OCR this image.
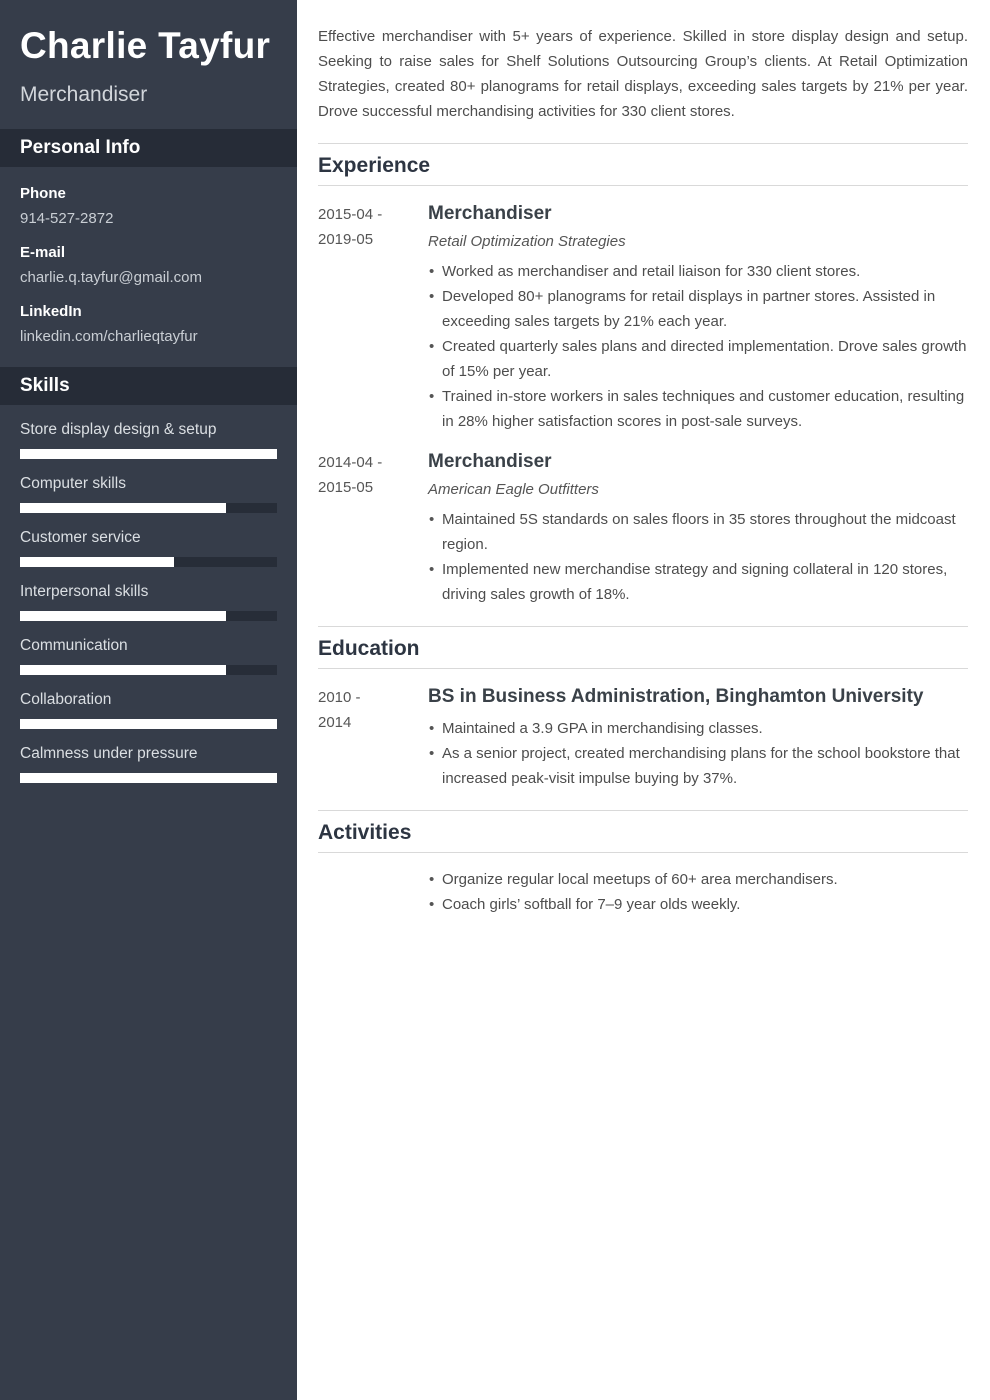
Charlie Tayfur
Merchandiser
Personal Info
Phone
914-527-2872
E-mail
charlie.q.tayfur@gmail.com
LinkedIn
linkedin.com/charlieqtayfur
Skills
Store display design & setup
Computer skills
Customer service
Interpersonal skills
Communication
Collaboration
Calmness under pressure

Effective merchandiser with 5+ years of experience. Skilled in store display design and setup. Seeking to raise sales for Shelf Solutions Outsourcing Group’s clients. At Retail Optimization Strategies, created 80+ planograms for retail displays, exceeding sales targets by 21% per year. Drove successful merchandising activities for 330 client stores.

Experience
2015-04 -
2019-05
Merchandiser
Retail Optimization Strategies
• Worked as merchandiser and retail liaison for 330 client stores.
• Developed 80+ planograms for retail displays in partner stores. Assisted in exceeding sales targets by 21% each year.
• Created quarterly sales plans and directed implementation. Drove sales growth of 15% per year.
• Trained in-store workers in sales techniques and customer education, resulting in 28% higher satisfaction scores in post-sale surveys.
2014-04 -
2015-05
Merchandiser
American Eagle Outfitters
• Maintained 5S standards on sales floors in 35 stores throughout the midcoast region.
• Implemented new merchandise strategy and signing collateral in 120 stores, driving sales growth of 18%.
Education
2010 -
2014
BS in Business Administration, Binghamton University
• Maintained a 3.9 GPA in merchandising classes.
• As a senior project, created merchandising plans for the school bookstore that increased peak-visit impulse buying by 37%.
Activities
• Organize regular local meetups of 60+ area merchandisers.
• Coach girls’ softball for 7–9 year olds weekly.
